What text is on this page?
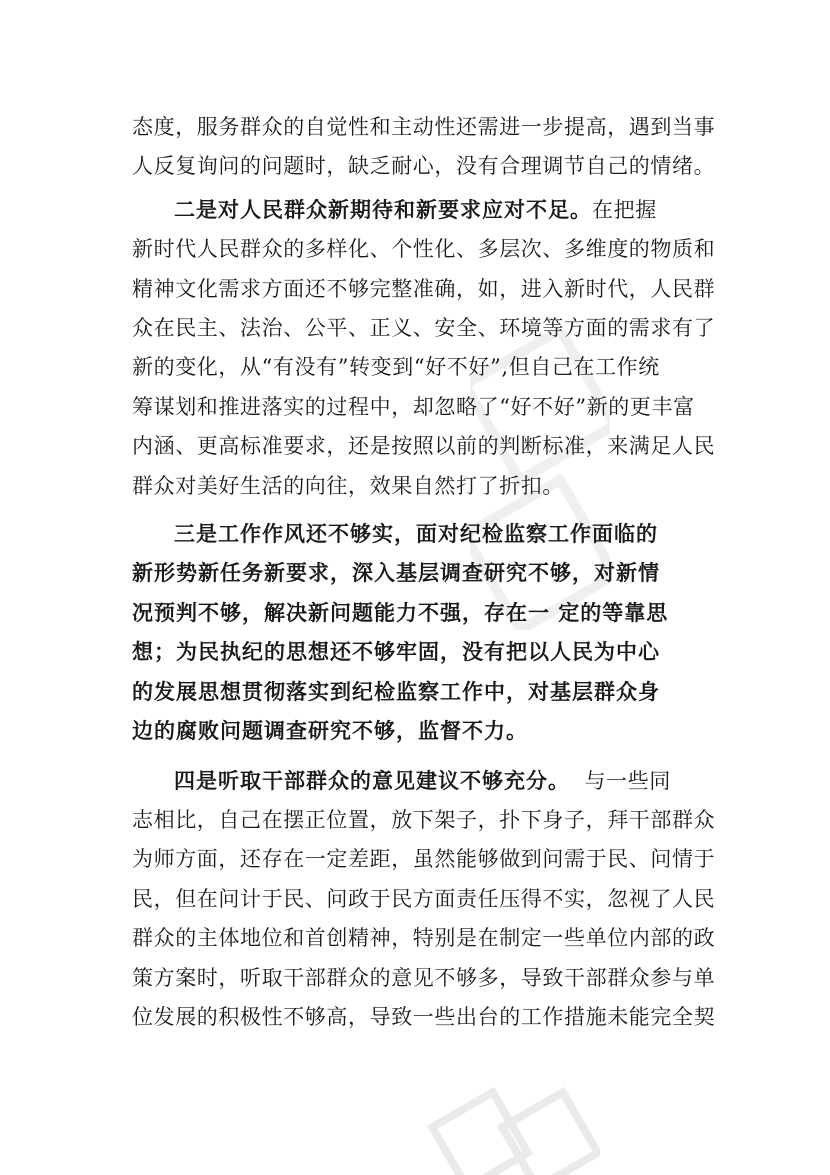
态度，服务群众的自觉性和主动性还需进一步提高，遇到当事
人反复询问的问题时，缺乏耐心，没有合理调节自己的情绪。

二是对人民群众新期待和新要求应对不足。在把握
新时代人民群众的多样化、个性化、多层次、多维度的物质和
精神文化需求方面还不够完整准确，如，进入新时代，人民群
众在民主、法治、公平、正义、安全、环境等方面的需求有了
新的变化，从“有没有”转变到“好不好”,但自己在工作统
筹谋划和推进落实的过程中，却忽略了“好不好”新的更丰富
内涵、更高标准要求，还是按照以前的判断标准，来满足人民
群众对美好生活的向往，效果自然打了折扣。

三是工作作风还不够实，面对纪检监察工作面临的
新形势新任务新要求，深入基层调查研究不够，对新情
况预判不够，解决新问题能力不强，存在一 定的等靠思
想；为民执纪的思想还不够牢固，没有把以人民为中心
的发展思想贯彻落实到纪检监察工作中，对基层群众身
边的腐败问题调查研究不够，监督不力。

四是听取干部群众的意见建议不够充分。  与一些同
志相比，自己在摆正位置，放下架子，扑下身子，拜干部群众
为师方面，还存在一定差距，虽然能够做到问需于民、问情于
民，但在问计于民、问政于民方面责任压得不实，忽视了人民
群众的主体地位和首创精神，特别是在制定一些单位内部的政
策方案时，听取干部群众的意见不够多，导致干部群众参与单
位发展的积极性不够高，导致一些出台的工作措施未能完全契
